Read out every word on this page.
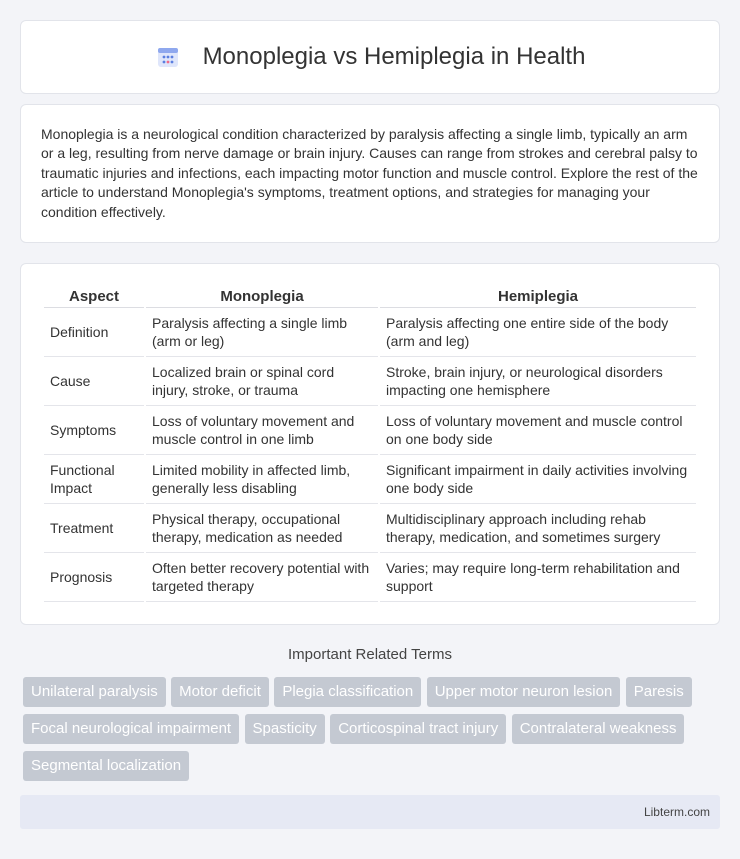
Monoplegia vs Hemiplegia in Health

Monoplegia is a neurological condition characterized by paralysis affecting a single limb, typically an arm or a leg, resulting from nerve damage or brain injury. Causes can range from strokes and cerebral palsy to traumatic injuries and infections, each impacting motor function and muscle control. Explore the rest of the article to understand Monoplegia's symptoms, treatment options, and strategies for managing your condition effectively.

Aspect	Monoplegia	Hemiplegia
Definition	Paralysis affecting a single limb (arm or leg)	Paralysis affecting one entire side of the body (arm and leg)
Cause	Localized brain or spinal cord injury, stroke, or trauma	Stroke, brain injury, or neurological disorders impacting one hemisphere
Symptoms	Loss of voluntary movement and muscle control in one limb	Loss of voluntary movement and muscle control on one body side
Functional Impact	Limited mobility in affected limb, generally less disabling	Significant impairment in daily activities involving one body side
Treatment	Physical therapy, occupational therapy, medication as needed	Multidisciplinary approach including rehab therapy, medication, and sometimes surgery
Prognosis	Often better recovery potential with targeted therapy	Varies; may require long-term rehabilitation and support
Important Related Terms
Unilateral paralysis Motor deficit Plegia classification Upper motor neuron lesion Paresis Focal neurological impairment Spasticity Corticospinal tract injury Contralateral weakness Segmental localization
Libterm.com
